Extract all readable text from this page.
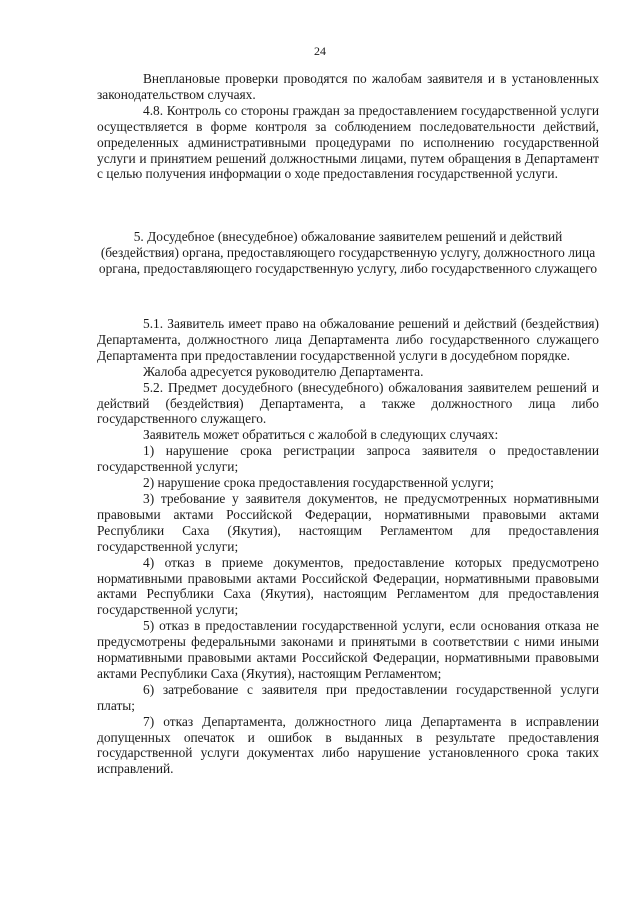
24

Внеплановые проверки проводятся по жалобам заявителя и в установленных законодательством случаях.

4.8. Контроль со стороны граждан за предоставлением государственной услуги осуществляется в форме контроля за соблюдением последовательности действий, определенных административными процедурами по исполнению государственной услуги и принятием решений должностными лицами, путем обращения в Департамент с целью получения информации о ходе предоставления государственной услуги.

5. Досудебное (внесудебное) обжалование заявителем решений и действий (бездействия) органа, предоставляющего государственную услугу, должностного лица органа, предоставляющего государственную услугу, либо государственного служащего

5.1. Заявитель имеет право на обжалование решений и действий (бездействия) Департамента, должностного лица Департамента либо государственного служащего Департамента при предоставлении государственной услуги в досудебном порядке.

Жалоба адресуется руководителю Департамента.

5.2. Предмет досудебного (внесудебного) обжалования заявителем решений и действий (бездействия) Департамента, а также должностного лица либо государственного служащего.

Заявитель может обратиться с жалобой в следующих случаях:

1) нарушение срока регистрации запроса заявителя о предоставлении государственной услуги;

2) нарушение срока предоставления государственной услуги;

3) требование у заявителя документов, не предусмотренных нормативными правовыми актами Российской Федерации, нормативными правовыми актами Республики Саха (Якутия), настоящим Регламентом для предоставления государственной услуги;

4) отказ в приеме документов, предоставление которых предусмотрено нормативными правовыми актами Российской Федерации, нормативными правовыми актами Республики Саха (Якутия), настоящим Регламентом для предоставления государственной услуги;

5) отказ в предоставлении государственной услуги, если основания отказа не предусмотрены федеральными законами и принятыми в соответствии с ними иными нормативными правовыми актами Российской Федерации, нормативными правовыми актами Республики Саха (Якутия), настоящим Регламентом;

6) затребование с заявителя при предоставлении государственной услуги платы;

7) отказ Департамента, должностного лица Департамента в исправлении допущенных опечаток и ошибок в выданных в результате предоставления государственной услуги документах либо нарушение установленного срока таких исправлений.
